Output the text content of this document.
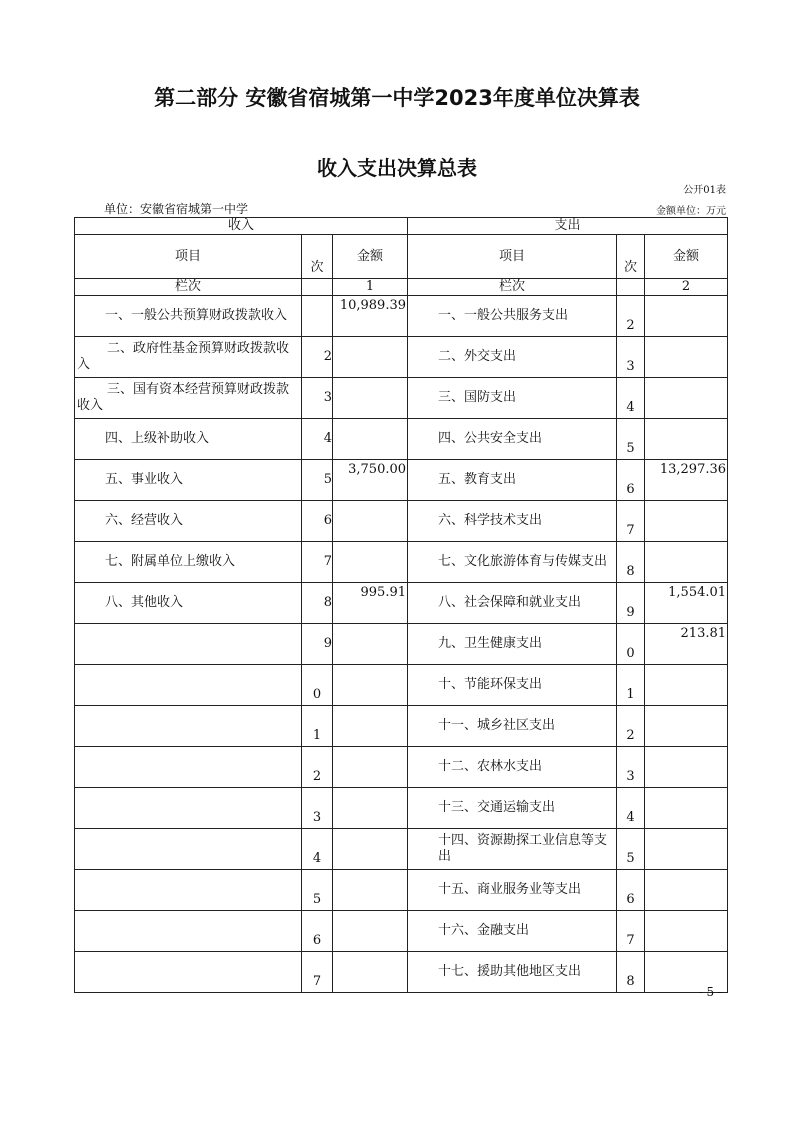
第二部分 安徽省宿城第一中学2023年度单位决算表
收入支出决算总表
公开01表
单位：安徽省宿城第一中学	金额单位：万元
收入			支出		
项目	次	金额	项目	次	金额
栏次		1	栏次		2
一、一般公共预算财政拨款收入		10,989.39	一、一般公共服务支出	2	
二、政府性基金预算财政拨款收入	2		二、外交支出	3	
三、国有资本经营预算财政拨款收入	3		三、国防支出	4	
四、上级补助收入	4		四、公共安全支出	5	
五、事业收入	5	3,750.00	五、教育支出	6	13,297.36
六、经营收入	6		六、科学技术支出	7	
七、附属单位上缴收入	7		七、文化旅游体育与传媒支出	8	
八、其他收入	8	995.91	八、社会保障和就业支出	9	1,554.01
	9		九、卫生健康支出	0	213.81
	0		十、节能环保支出	1	
	1		十一、城乡社区支出	2	
	2		十二、农林水支出	3	
	3		十三、交通运输支出	4	
	4		十四、资源勘探工业信息等支出	5	
	5		十五、商业服务业等支出	6	
	6		十六、金融支出	7	
	7		十七、援助其他地区支出	8	
- 5 -
